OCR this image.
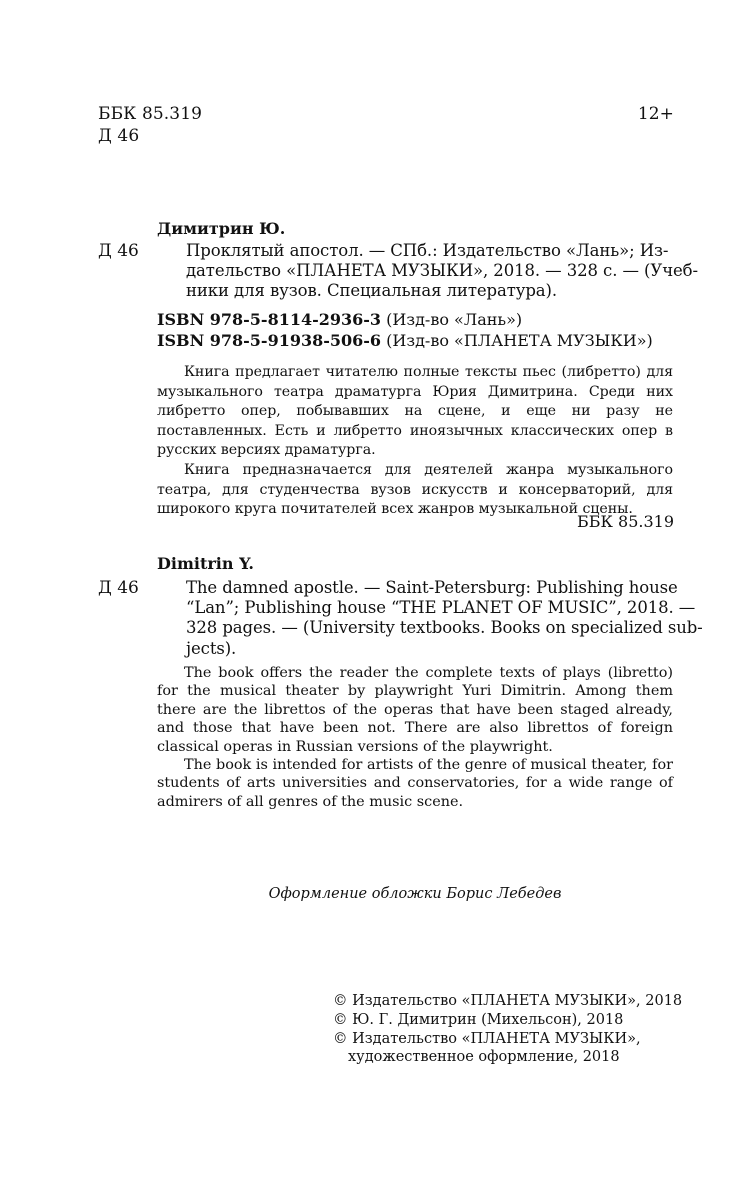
ББК 85.319
Д 46
12+
Димитрин Ю.
Д 46	Проклятый апостол. — СПб.: Издательство «Лань»; Из-
дательство «ПЛАНЕТА МУЗЫКИ», 2018. — 328 с. — (Учеб-
ники для вузов. Специальная литература).
ISBN 978-5-8114-2936-3 (Изд-во «Лань»)
ISBN 978-5-91938-506-6 (Изд-во «ПЛАНЕТА МУЗЫКИ»)

Книга предлагает читателю полные тексты пьес (либретто) для музыкального театра драматурга Юрия Димитрина. Среди них либретто опер, побывавших на сцене, и еще ни разу не поставленных. Есть и либретто иноязычных классических опер в русских версиях драматурга.

Книга предназначается для деятелей жанра музыкального театра, для студенчества вузов искусств и консерваторий, для широкого круга почитателей всех жанров музыкальной сцены.

ББК 85.319
Dimitrin Y.
Д 46	The damned apostle. — Saint-Petersburg: Publishing house
“Lan”; Publishing house “THE PLANET OF MUSIC”, 2018. —
328 pages. — (University textbooks. Books on specialized sub-
jects).

The book offers the reader the complete texts of plays (libretto) for the musical theater by playwright Yuri Dimitrin. Among them there are the librettos of the operas that have been staged already, and those that have been not. There are also librettos of foreign classical operas in Russian versions of the playwright.

The book is intended for artists of the genre of musical theater, for students of arts universities and conservatories, for a wide range of admirers of all genres of the music scene.

Оформление обложки Борис Лебедев
© Издательство «ПЛАНЕТА МУЗЫКИ», 2018
© Ю. Г. Димитрин (Михельсон), 2018
© Издательство «ПЛАНЕТА МУЗЫКИ»,
художественное оформление, 2018
